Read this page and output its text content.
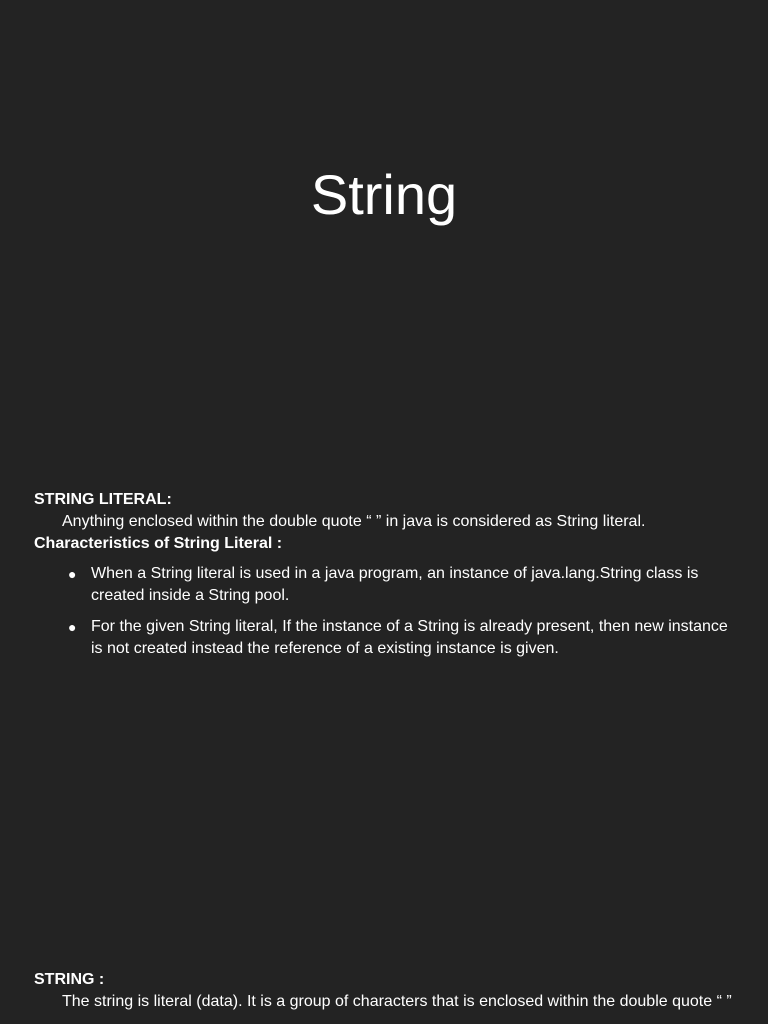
String

STRING LITERAL:

Anything enclosed within the double quote “ ” in java is considered as String literal.

Characteristics of String Literal :

● When a String literal is used in a java program, an instance of java.lang.String class is created inside a String pool.
● For the given String literal, If the instance of a String is already present, then new instance is not created instead the reference of a existing instance is given.

STRING :

The string is literal (data). It is a group of characters that is enclosed within the double quote “ ”
